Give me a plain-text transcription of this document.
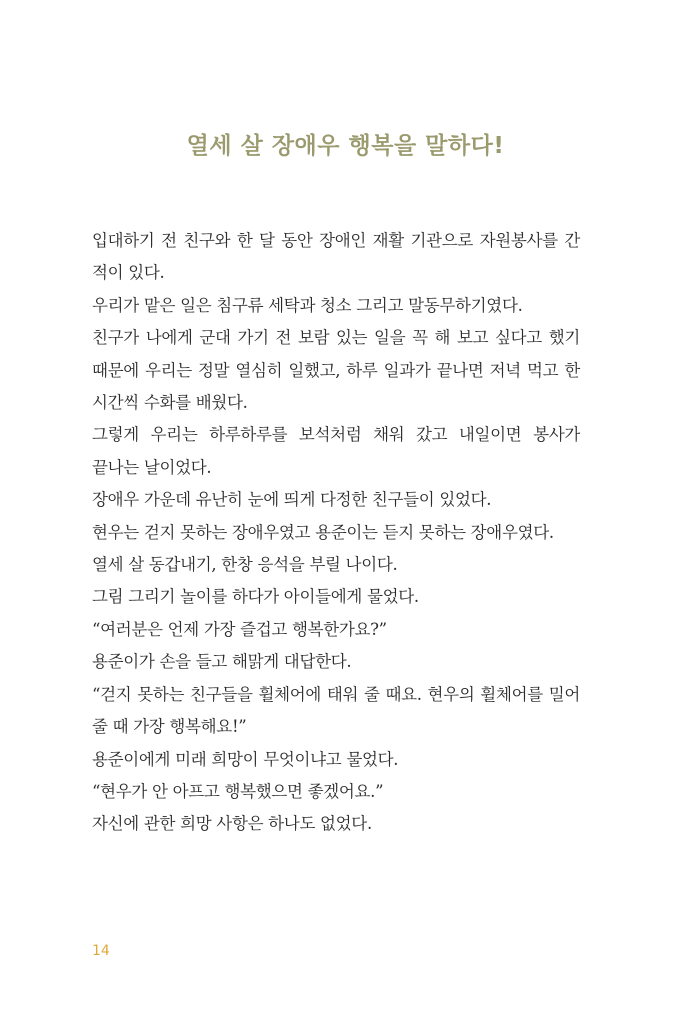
열세 살 장애우 행복을 말하다!

입대하기 전 친구와 한 달 동안 장애인 재활 기관으로 자원봉사를 간 적이 있다.

우리가 맡은 일은 침구류 세탁과 청소 그리고 말동무하기였다.

친구가 나에게 군대 가기 전 보람 있는 일을 꼭 해 보고 싶다고 했기 때문에 우리는 정말 열심히 일했고, 하루 일과가 끝나면 저녁 먹고 한 시간씩 수화를 배웠다.

그렇게 우리는 하루하루를 보석처럼 채워 갔고 내일이면 봉사가 끝나는 날이었다.

장애우 가운데 유난히 눈에 띄게 다정한 친구들이 있었다.

현우는 걷지 못하는 장애우였고 용준이는 듣지 못하는 장애우였다.

열세 살 동갑내기, 한창 응석을 부릴 나이다.

그림 그리기 놀이를 하다가 아이들에게 물었다.

“여러분은 언제 가장 즐겁고 행복한가요?”

용준이가 손을 들고 해맑게 대답한다.

“걷지 못하는 친구들을 휠체어에 태워 줄 때요. 현우의 휠체어를 밀어 줄 때 가장 행복해요!”

용준이에게 미래 희망이 무엇이냐고 물었다.

“현우가 안 아프고 행복했으면 좋겠어요.”

자신에 관한 희망 사항은 하나도 없었다.

14
